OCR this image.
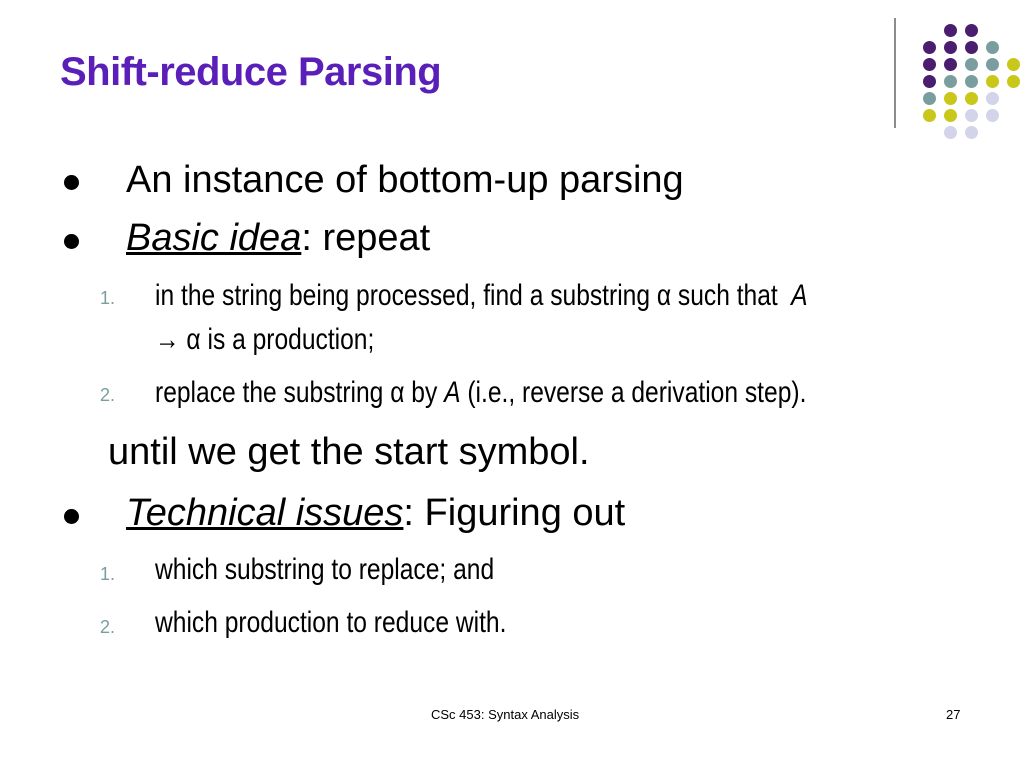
Shift-reduce Parsing
An instance of bottom-up parsing
Basic idea: repeat
1. in the string being processed, find a substring α such that A
→ α is a production;
2. replace the substring α by A (i.e., reverse a derivation step).
until we get the start symbol.
Technical issues: Figuring out
1. which substring to replace; and
2. which production to reduce with.
CSc 453: Syntax Analysis	27
